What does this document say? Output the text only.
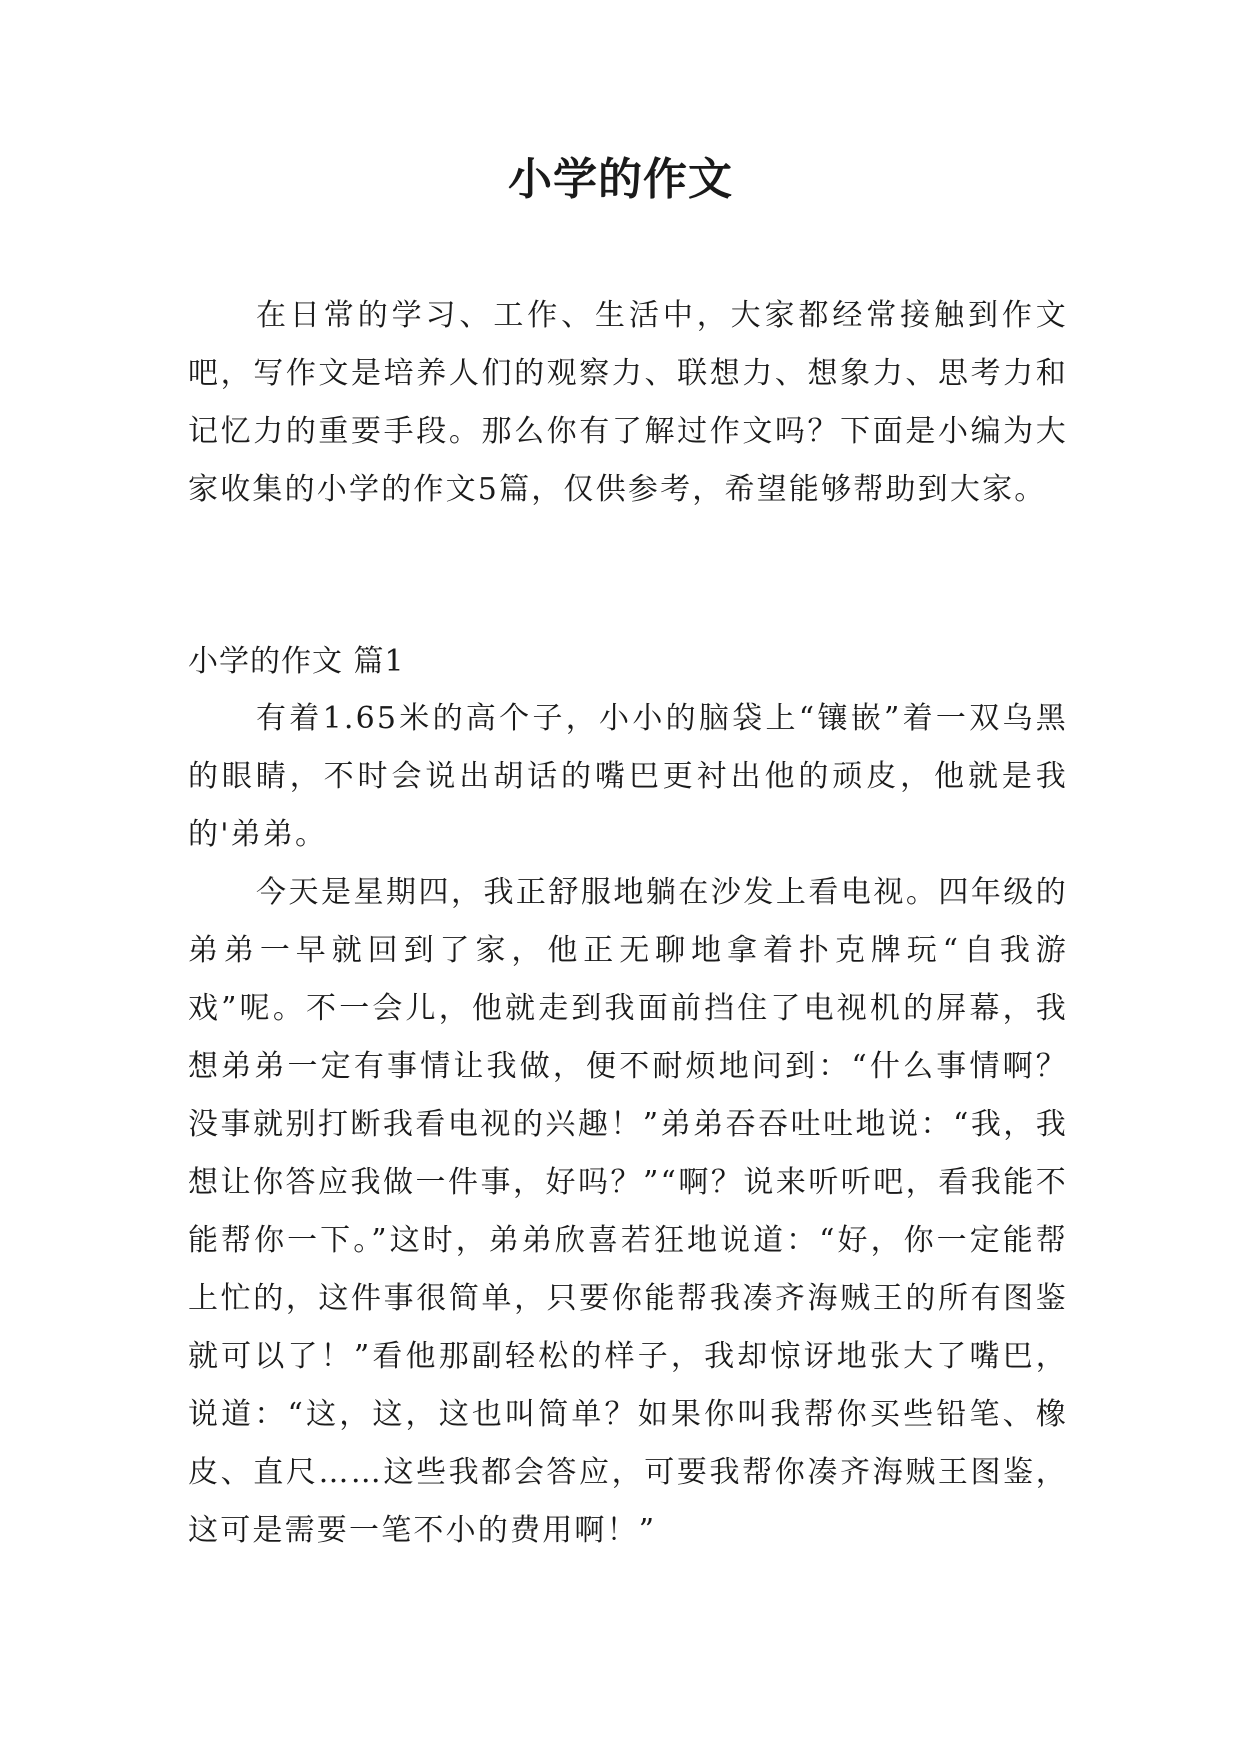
小学的作文

在日常的学习、工作、生活中，大家都经常接触到作文吧，写作文是培养人们的观察力、联想力、想象力、思考力和记忆力的重要手段。那么你有了解过作文吗？下面是小编为大家收集的小学的作文5篇，仅供参考，希望能够帮助到大家。

小学的作文 篇1

有着1.65米的高个子，小小的脑袋上“镶嵌”着一双乌黑的眼睛，不时会说出胡话的嘴巴更衬出他的顽皮，他就是我的'弟弟。

今天是星期四，我正舒服地躺在沙发上看电视。四年级的弟弟一早就回到了家，他正无聊地拿着扑克牌玩“自我游戏”呢。不一会儿，他就走到我面前挡住了电视机的屏幕，我想弟弟一定有事情让我做，便不耐烦地问到：“什么事情啊？没事就别打断我看电视的兴趣！”弟弟吞吞吐吐地说：“我，我想让你答应我做一件事，好吗？”“啊？说来听听吧，看我能不能帮你一下。”这时，弟弟欣喜若狂地说道：“好，你一定能帮上忙的，这件事很简单，只要你能帮我凑齐海贼王的所有图鉴就可以了！”看他那副轻松的样子，我却惊讶地张大了嘴巴，说道：“这，这，这也叫简单？如果你叫我帮你买些铅笔、橡皮、直尺……这些我都会答应，可要我帮你凑齐海贼王图鉴，这可是需要一笔不小的费用啊！”
